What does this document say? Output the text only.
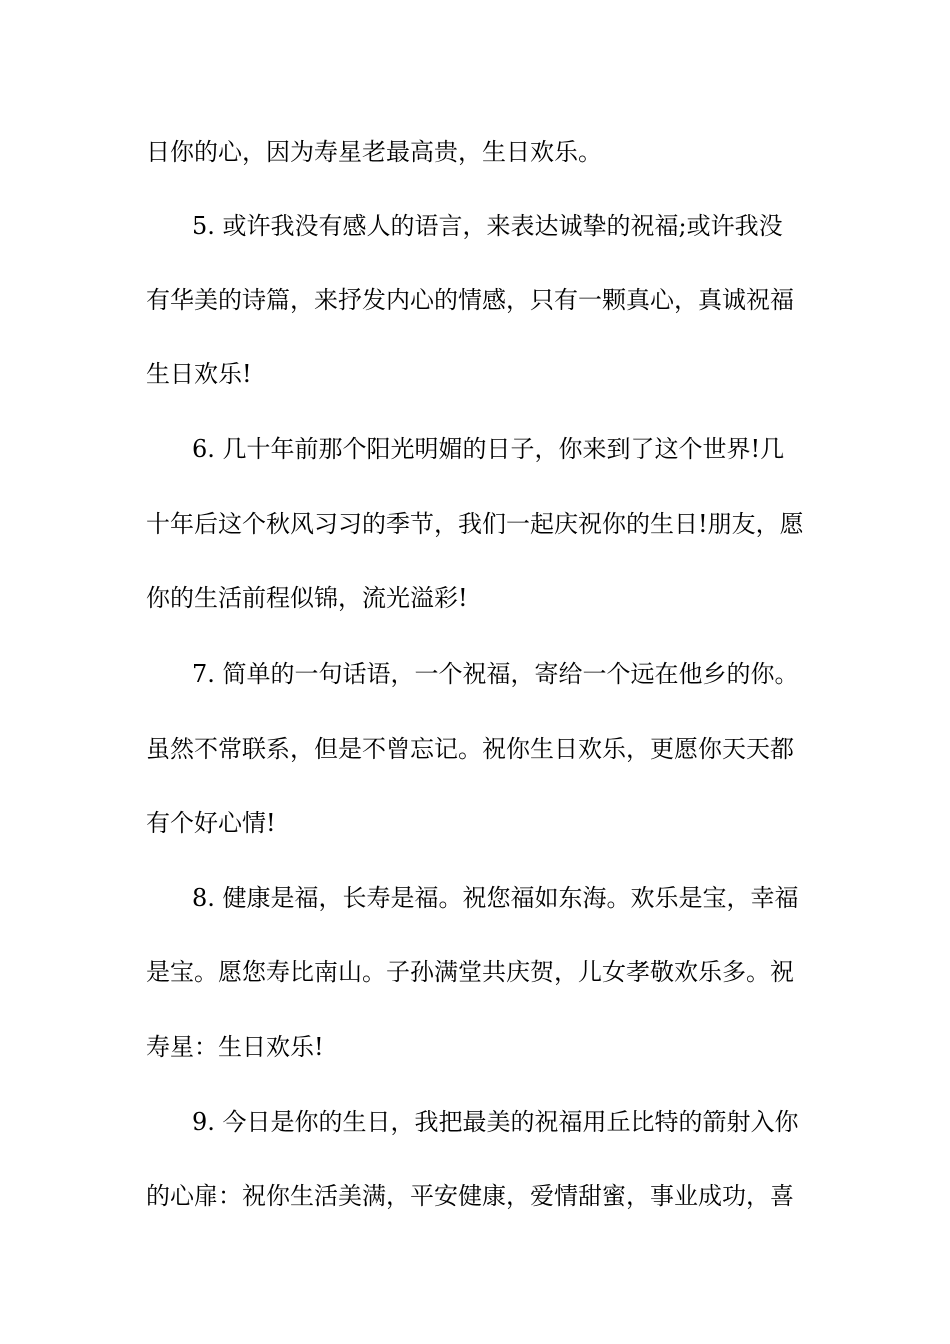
日你的心，因为寿星老最高贵，生日欢乐。
5. 或许我没有感人的语言，来表达诚挚的祝福;或许我没
有华美的诗篇，来抒发内心的情感，只有一颗真心，真诚祝福
生日欢乐!
6. 几十年前那个阳光明媚的日子，你来到了这个世界!几
十年后这个秋风习习的季节，我们一起庆祝你的生日!朋友，愿
你的生活前程似锦，流光溢彩!
7. 简单的一句话语，一个祝福，寄给一个远在他乡的你。
虽然不常联系，但是不曾忘记。祝你生日欢乐，更愿你天天都
有个好心情!
8. 健康是福，长寿是福。祝您福如东海。欢乐是宝，幸福
是宝。愿您寿比南山。子孙满堂共庆贺，儿女孝敬欢乐多。祝
寿星：生日欢乐!
9. 今日是你的生日，我把最美的祝福用丘比特的箭射入你
的心扉：祝你生活美满，平安健康，爱情甜蜜，事业成功，喜
